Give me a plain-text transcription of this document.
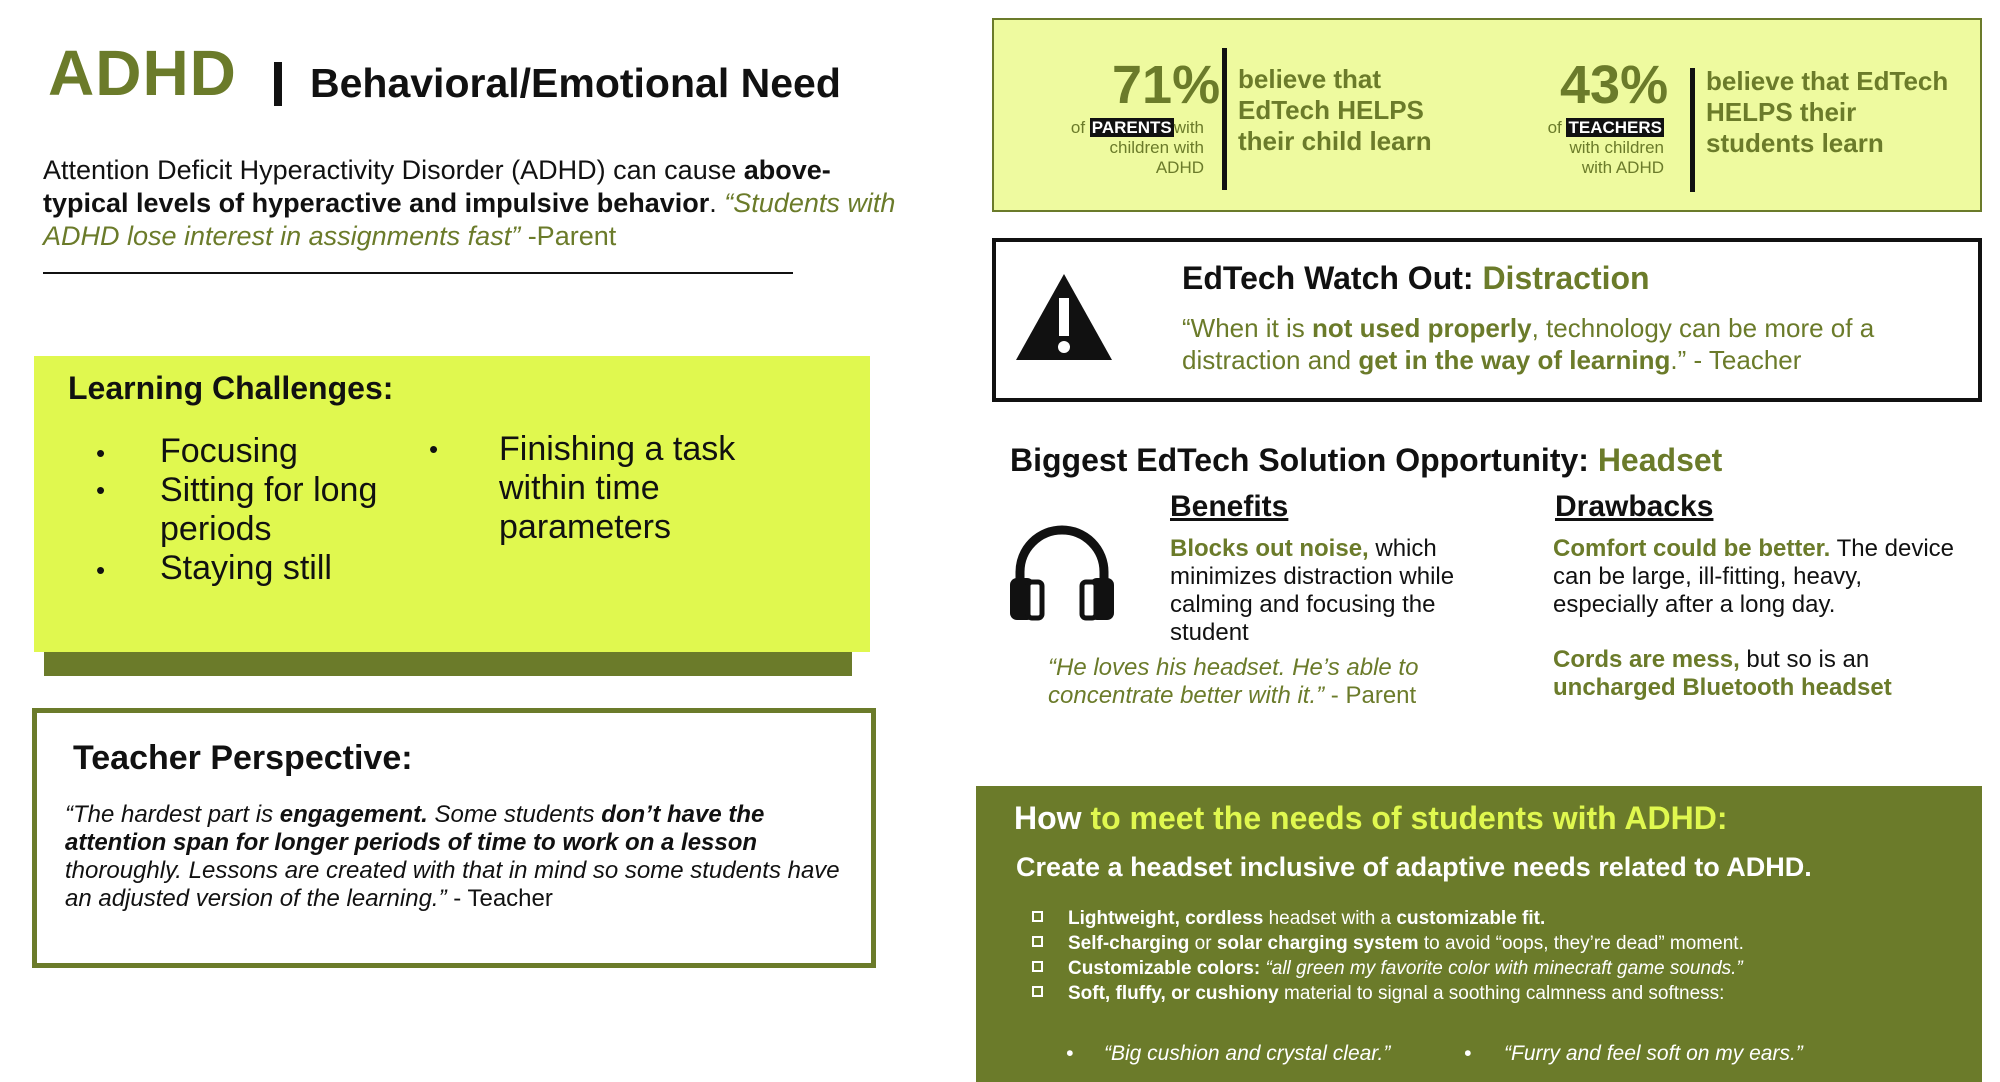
ADHD Behavioral/Emotional Need
Attention Deficit Hyperactivity Disorder (ADHD) can cause above-typical levels of hyperactive and impulsive behavior. “Students with ADHD lose interest in assignments fast” -Parent
Learning Challenges:
• Focusing
• Sitting for long periods
• Staying still
• Finishing a task within time parameters
Teacher Perspective:
“The hardest part is engagement. Some students don’t have the attention span for longer periods of time to work on a lesson thoroughly. Lessons are created with that in mind so some students have an adjusted version of the learning.” - Teacher
71%
of PARENTS with
children with
ADHD
believe that EdTech HELPS their child learn
43%
of TEACHERS
with children
with ADHD
believe that EdTech HELPS their students learn
EdTech Watch Out: Distraction
“When it is not used properly, technology can be more of a distraction and get in the way of learning.” - Teacher
Biggest EdTech Solution Opportunity: Headset
Benefits	Drawbacks
Blocks out noise, which minimizes distraction while calming and focusing the student
“He loves his headset. He’s able to concentrate better with it.” - Parent
Comfort could be better. The device can be large, ill-fitting, heavy, especially after a long day.
Cords are mess, but so is an uncharged Bluetooth headset
How to meet the needs of students with ADHD:
Create a headset inclusive of adaptive needs related to ADHD.
Lightweight, cordless headset with a customizable fit.
Self-charging or solar charging system to avoid “oops, they’re dead” moment.
Customizable colors: “all green my favorite color with minecraft game sounds.”
Soft, fluffy, or cushiony material to signal a soothing calmness and softness:
• “Big cushion and crystal clear.”	• “Furry and feel soft on my ears.”
